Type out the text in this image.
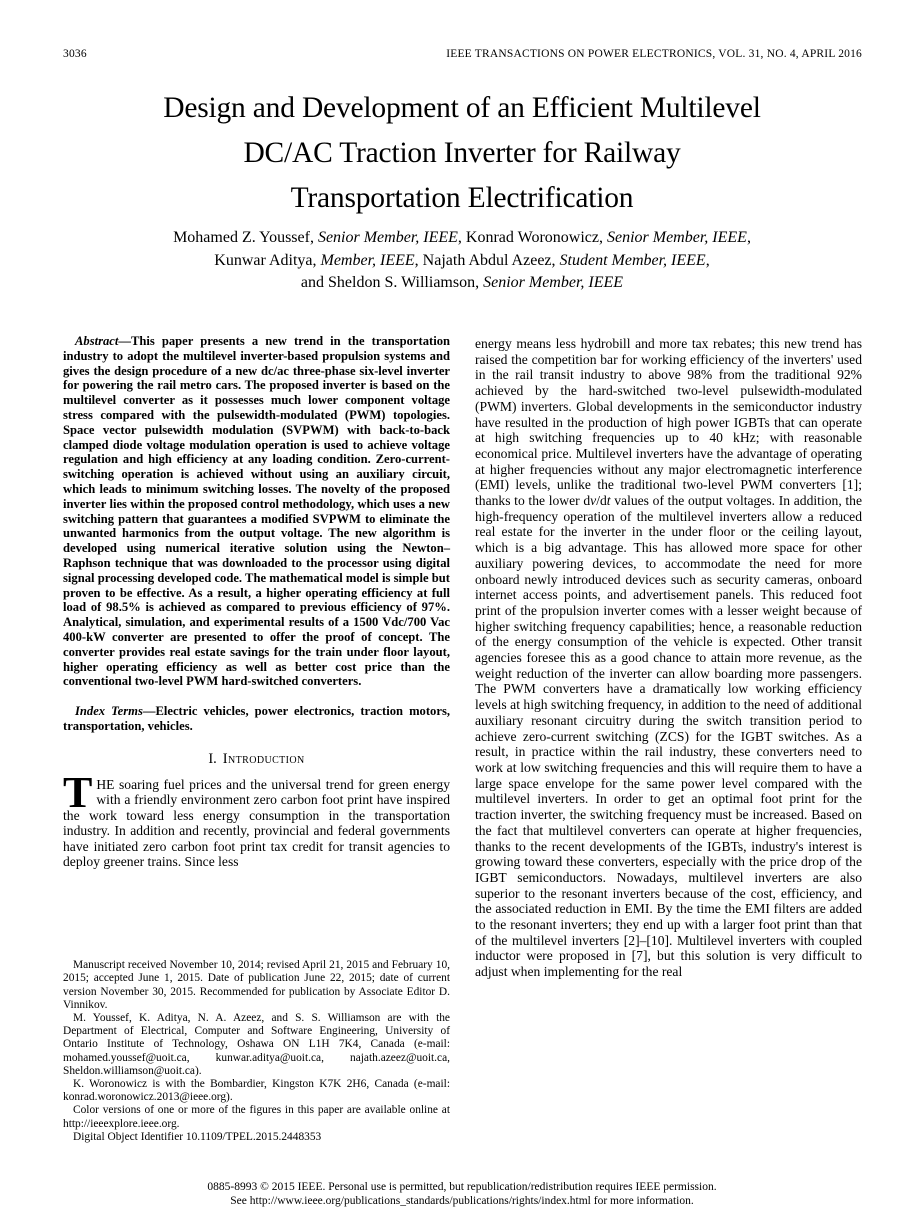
3036	IEEE TRANSACTIONS ON POWER ELECTRONICS, VOL. 31, NO. 4, APRIL 2016
Design and Development of an Efficient Multilevel
DC/AC Traction Inverter for Railway
Transportation Electrification
Mohamed Z. Youssef, Senior Member, IEEE, Konrad Woronowicz, Senior Member, IEEE,
Kunwar Aditya, Member, IEEE, Najath Abdul Azeez, Student Member, IEEE,
and Sheldon S. Williamson, Senior Member, IEEE

Abstract—This paper presents a new trend in the transportation industry to adopt the multilevel inverter-based propulsion systems and gives the design procedure of a new dc/ac three-phase six-level inverter for powering the rail metro cars. The proposed inverter is based on the multilevel converter as it possesses much lower component voltage stress compared with the pulsewidth-modulated (PWM) topologies. Space vector pulsewidth modulation (SVPWM) with back-to-back clamped diode voltage modulation operation is used to achieve voltage regulation and high efficiency at any loading condition. Zero-current-switching operation is achieved without using an auxiliary circuit, which leads to minimum switching losses. The novelty of the proposed inverter lies within the proposed control methodology, which uses a new switching pattern that guarantees a modified SVPWM to eliminate the unwanted harmonics from the output voltage. The new algorithm is developed using numerical iterative solution using the Newton–Raphson technique that was downloaded to the processor using digital signal processing developed code. The mathematical model is simple but proven to be effective. As a result, a higher operating efficiency at full load of 98.5% is achieved as compared to previous efficiency of 97%. Analytical, simulation, and experimental results of a 1500 Vdc/700 Vac 400-kW converter are presented to offer the proof of concept. The converter provides real estate savings for the train under floor layout, higher operating efficiency as well as better cost price than the conventional two-level PWM hard-switched converters.

Index Terms—Electric vehicles, power electronics, traction motors, transportation, vehicles.

I. Introduction

THE soaring fuel prices and the universal trend for green energy with a friendly environment zero carbon foot print have inspired the work toward less energy consumption in the transportation industry. In addition and recently, provincial and federal governments have initiated zero carbon foot print tax credit for transit agencies to deploy greener trains. Since less

Manuscript received November 10, 2014; revised April 21, 2015 and February 10, 2015; accepted June 1, 2015. Date of publication June 22, 2015; date of current version November 30, 2015. Recommended for publication by Associate Editor D. Vinnikov.

M. Youssef, K. Aditya, N. A. Azeez, and S. S. Williamson are with the Department of Electrical, Computer and Software Engineering, University of Ontario Institute of Technology, Oshawa ON L1H 7K4, Canada (e-mail: mohamed.youssef@uoit.ca, kunwar.aditya@uoit.ca, najath.azeez@uoit.ca, Sheldon.williamson@uoit.ca).

K. Woronowicz is with the Bombardier, Kingston K7K 2H6, Canada (e-mail: konrad.woronowicz.2013@ieee.org).

Color versions of one or more of the figures in this paper are available online at http://ieeexplore.ieee.org.

Digital Object Identifier 10.1109/TPEL.2015.2448353

energy means less hydrobill and more tax rebates; this new trend has raised the competition bar for working efficiency of the inverters' used in the rail transit industry to above 98% from the traditional 92% achieved by the hard-switched two-level pulsewidth-modulated (PWM) inverters. Global developments in the semiconductor industry have resulted in the production of high power IGBTs that can operate at high switching frequencies up to 40 kHz; with reasonable economical price. Multilevel inverters have the advantage of operating at higher frequencies without any major electromagnetic interference (EMI) levels, unlike the traditional two-level PWM converters [1]; thanks to the lower dv/dt values of the output voltages. In addition, the high-frequency operation of the multilevel inverters allow a reduced real estate for the inverter in the under floor or the ceiling layout, which is a big advantage. This has allowed more space for other auxiliary powering devices, to accommodate the need for more onboard newly introduced devices such as security cameras, onboard internet access points, and advertisement panels. This reduced foot print of the propulsion inverter comes with a lesser weight because of higher switching frequency capabilities; hence, a reasonable reduction of the energy consumption of the vehicle is expected. Other transit agencies foresee this as a good chance to attain more revenue, as the weight reduction of the inverter can allow boarding more passengers. The PWM converters have a dramatically low working efficiency levels at high switching frequency, in addition to the need of additional auxiliary resonant circuitry during the switch transition period to achieve zero-current switching (ZCS) for the IGBT switches. As a result, in practice within the rail industry, these converters need to work at low switching frequencies and this will require them to have a large space envelope for the same power level compared with the multilevel inverters. In order to get an optimal foot print for the traction inverter, the switching frequency must be increased. Based on the fact that multilevel converters can operate at higher frequencies, thanks to the recent developments of the IGBTs, industry's interest is growing toward these converters, especially with the price drop of the IGBT semiconductors. Nowadays, multilevel inverters are also superior to the resonant inverters because of the cost, efficiency, and the associated reduction in EMI. By the time the EMI filters are added to the resonant inverters; they end up with a larger foot print than that of the multilevel inverters [2]–[10]. Multilevel inverters with coupled inductor were proposed in [7], but this solution is very difficult to adjust when implementing for the real

0885-8993 © 2015 IEEE. Personal use is permitted, but republication/redistribution requires IEEE permission.
See http://www.ieee.org/publications_standards/publications/rights/index.html for more information.
